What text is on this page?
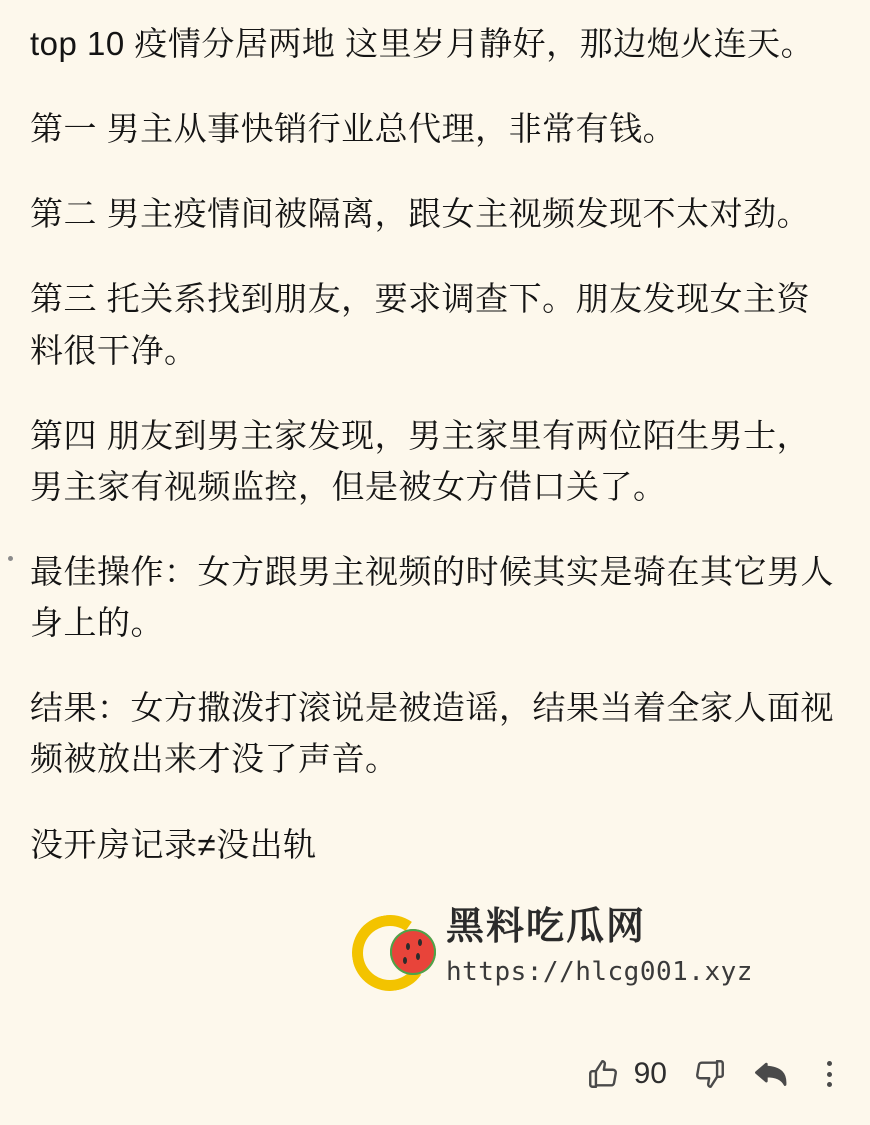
top 10 疫情分居两地 这里岁月静好，那边炮火连天。

第一 男主从事快销行业总代理，非常有钱。

第二 男主疫情间被隔离，跟女主视频发现不太对劲。

第三 托关系找到朋友，要求调查下。朋友发现女主资料很干净。

第四 朋友到男主家发现，男主家里有两位陌生男士，男主家有视频监控，但是被女方借口关了。

最佳操作：女方跟男主视频的时候其实是骑在其它男人身上的。

结果：女方撒泼打滚说是被造谣，结果当着全家人面视频被放出来才没了声音。

没开房记录≠没出轨

黑料吃瓜网
https://hlcg001.xyz
90
